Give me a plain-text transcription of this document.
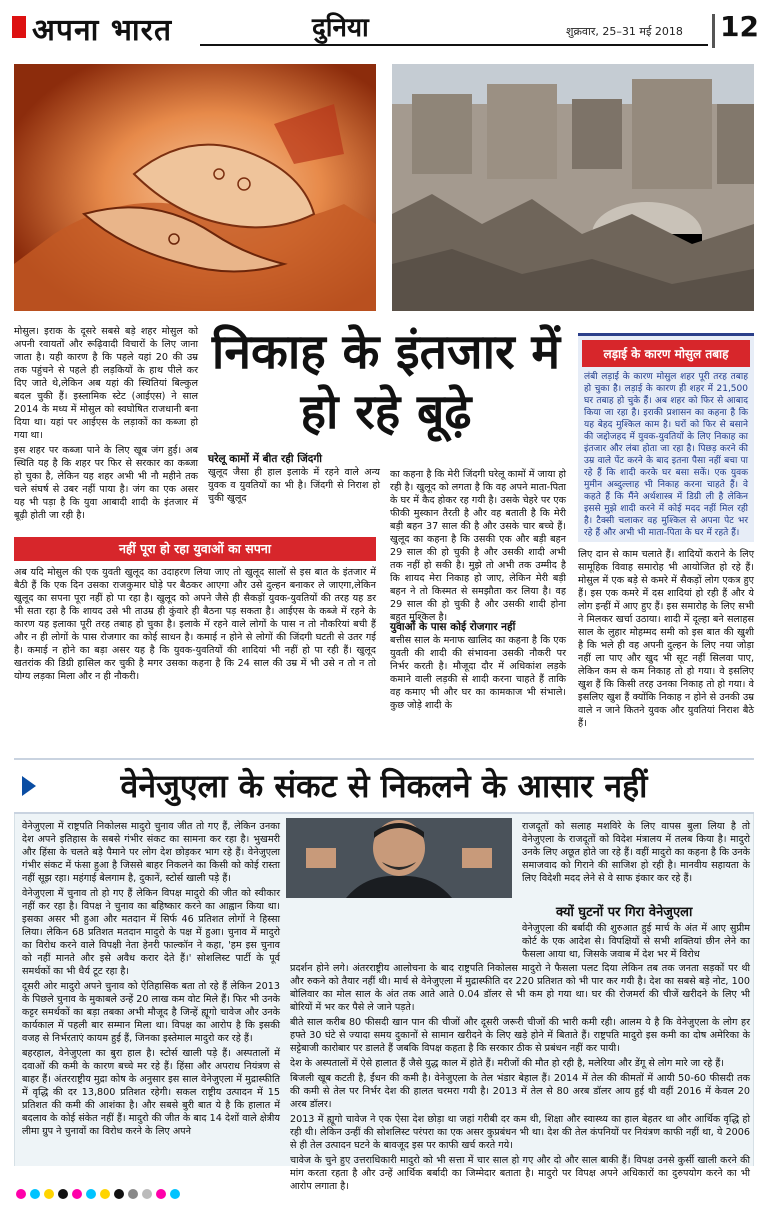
अपना भारत	दुनिया	शुक्रवार, 25–31 मई 2018 12

मोसुल। इराक के दूसरे सबसे बड़े शहर मोसुल को अपनी रवायतों और रूढ़िवादी विचारों के लिए जाना जाता है। यही कारण है कि पहले यहां 20 की उम्र तक पहुंचने से पहले ही लड़कियों के हाथ पीले कर दिए जाते थे,लेकिन अब यहां की स्थितियां बिल्कुल बदल चुकी हैं। इस्लामिक स्टेट (आईएस) ने साल 2014 के मध्य में मोसुल को स्वघोषित राजधानी बना दिया था। यहां पर आईएस के लड़ाकों का कब्जा हो गया था।

इस शहर पर कब्जा पाने के लिए खूब जंग हुई। अब स्थिति यह है कि शहर पर फिर से सरकार का कब्जा हो चुका है, लेकिन यह शहर अभी भी नौ महीने तक चले संघर्ष से उबर नहीं पाया है। जंग का एक असर यह भी पड़ा है कि युवा आबादी शादी के इंतजार में बूढ़ी होती जा रही है।

निकाह के इंतजार में हो रहे बूढ़े
घरेलू कामों में बीत रही जिंदगी

खुलूद जैसा ही हाल इलाके में रहने वाले अन्य युवक व युवतियों का भी है। जिंदगी से निराश हो चुकी खुलूद

का कहना है कि मेरी जिंदगी घरेलू कामों में जाया हो रही है। खुलूद को लगता है कि वह अपने माता-पिता के घर में कैद होकर रह गयी है। उसके चेहरे पर एक फीकी मुस्कान तैरती है और वह बताती है कि मेरी बड़ी बहन 37 साल की है और उसके चार बच्चे हैं। खुलूद का कहना है कि उसकी एक और बड़ी बहन 29 साल की हो चुकी है और उसकी शादी अभी तक नहीं हो सकी है। मुझे तो अभी तक उम्मीद है कि शायद मेरा निकाह हो जाए, लेकिन मेरी बड़ी बहन ने तो किस्मत से समझौता कर लिया है। वह 29 साल की हो चुकी है और उसकी शादी होना बहुत मुश्किल है।

युवाओं के पास कोई रोजगार नहीं

बत्तीस साल के मनाफ खालिद का कहना है कि एक युवती की शादी की संभावना उसकी नौकरी पर निर्भर करती है। मौजूदा दौर में अधिकांश लड़के कमाने वाली लड़की से शादी करना चाहते हैं ताकि वह कमाए भी और घर का कामकाज भी संभाले। कुछ जोड़े शादी के

लिए दान से काम चलाते हैं। शादियों कराने के लिए सामूहिक विवाह समारोह भी आयोजित हो रहे हैं। मोसुल में एक बड़े से कमरे में सैकड़ों लोग एकत्र हुए हैं। इस एक कमरे में दस शादियां हो रही हैं और ये लोग इन्हीं में आए हुए हैं। इस समारोह के लिए सभी ने मिलकर खर्चा उठाया। शादी में दूल्हा बने सलाहस साल के लुहार मोहम्मद समी को इस बात की खुशी है कि भले ही वह अपनी दुल्हन के लिए नया जोड़ा नहीं ला पाए और खुद भी सूट नहीं सिलवा पाए, लेकिन कम से कम निकाह तो हो गया। वे इसलिए खुश हैं कि किसी तरह उनका निकाह तो हो गया। वे इसलिए खुश हैं क्योंकि निकाह न होने से उनकी उम्र वाले न जाने कितने युवक और युवतियां निराश बैठे हैं।

नहीं पूरा हो रहा युवाओं का सपना

अब यदि मोसुल की एक युवती खुलूद का उदाहरण लिया जाए तो खुलूद सालों से इस बात के इंतजार में बैठी हैं कि एक दिन उसका राजकुमार घोड़े पर बैठकर आएगा और उसे दुल्हन बनाकर ले जाएगा,लेकिन खुलूद का सपना पूरा नहीं हो पा रहा है। खुलूद को अपने जैसे ही सैकड़ों युवक-युवतियों की तरह यह डर भी सता रहा है कि शायद उसे भी ताउम्र ही कुंवारे ही बैठना पड़ सकता है। आईएस के कब्जे में रहने के कारण यह इलाका पूरी तरह तबाह हो चुका है। इलाके में रहने वाले लोगों के पास न तो नौकरियां बची हैं और न ही लोगों के पास रोजगार का कोई साधन है। कमाई न होने से लोगों की जिंदगी घटती से उतर गई है। कमाई न होने का बड़ा असर यह है कि युवक-युवतियों की शादियां भी नहीं हो पा रही हैं। खुलूद खतरांक की डिग्री हासिल कर चुकी है मगर उसका कहना है कि 24 साल की उम्र में भी उसे न तो न तो योग्य लड़का मिला और न ही नौकरी।

लड़ाई के कारण मोसुल तबाह
लंबी लड़ाई के कारण मोसुल शहर पूरी तरह तबाह हो चुका है। लड़ाई के कारण ही शहर में 21,500 घर तबाह हो चुके हैं। अब शहर को फिर से आबाद किया जा रहा है। इराकी प्रशासन का कहना है कि यह बेहद मुश्किल काम है। घरों को फिर से बसाने की जद्दोजहद में युवक-युवतियों के लिए निकाह का इंतजार और लंबा होता जा रहा है। पिछड़ करने की उम्र वाले पेंट करने के बाद इतना पैसा नहीं बचा पा रहे हैं कि शादी करके घर बसा सकें। एक युवक मुमीन अब्दुल्लाह भी निकाह करना चाहते हैं। वे कहते हैं कि मैंने अर्थशास्त्र में डिग्री ली है लेकिन इससे मुझे शादी करने में कोई मदद नहीं मिल रही है। टैक्सी चलाकर वह मुश्किल से अपना पेट भर रहे हैं और अभी भी माता-पिता के घर में रहते हैं।
वेनेजुएला के संकट से निकलने के आसार नहीं

वेनेजुएला में राष्ट्रपति निकोलस मादुरो चुनाव जीत तो गए हैं, लेकिन उनका देश अपने इतिहास के सबसे गंभीर संकट का सामना कर रहा है। भुखमरी और हिंसा के चलते बड़े पैमाने पर लोग देश छोड़कर भाग रहे हैं। वेनेजुएला गंभीर संकट में फंसा हुआ है जिससे बाहर निकलने का किसी को कोई रास्ता नहीं सूझ रहा। महंगाई बेलगाम है, दुकानें, स्टोर्स खाली पड़े हैं।

वेनेजुएला में चुनाव तो हो गए हैं लेकिन विपक्ष मादुरो की जीत को स्वीकार नहीं कर रहा है। विपक्ष ने चुनाव का बहिष्कार करने का आह्वान किया था। इसका असर भी हुआ और मतदान में सिर्फ 46 प्रतिशत लोगों ने हिस्सा लिया। लेकिन 68 प्रतिशत मतदान मादुरो के पक्ष में हुआ। चुनाव में मादुरो का विरोध करने वाले विपक्षी नेता हेनरी फाल्कॉन ने कहा, 'हम इस चुनाव को नहीं मानते और इसे अवैध करार देते हैं।' सोशलिस्ट पार्टी के पूर्व समर्थकों का भी धैर्य टूट रहा है।

दूसरी ओर मादुरो अपने चुनाव को ऐतिहासिक बता तो रहे हैं लेकिन 2013 के पिछले चुनाव के मुकाबले उन्हें 20 लाख कम वोट मिले हैं। फिर भी उनके कट्टर समर्थकों का बड़ा तबका अभी मौजूद है जिन्हें ह्यूगो चावेज और उनके कार्यकाल में पहली बार सम्मान मिला था। विपक्ष का आरोप है कि इसकी वजह से निर्भरताएं कायम हुई हैं, जिनका इस्तेमाल मादुरो कर रहे हैं।

बहरहाल, वेनेजुएला का बुरा हाल है। स्टोर्स खाली पड़े हैं। अस्पतालों में दवाओं की कमी के कारण बच्चे मर रहे हैं। हिंसा और अपराध नियंत्रण से बाहर हैं। अंतरराष्ट्रीय मुद्रा कोष के अनुसार इस साल वेनेजुएला में मुद्रास्फीति में वृद्धि की दर 13,800 प्रतिशत रहेगी। सकल राष्ट्रीय उत्पादन में 15 प्रतिशत की कमी की आशंका है। और सबसे बुरी बात ये है कि हालात में बदलाव के कोई संकेत नहीं हैं। मादुरो की जीत के बाद 14 देशों वाले क्षेत्रीय लीमा ग्रुप ने चुनावों का विरोध करने के लिए अपने

राजदूतों को सलाह मशविरे के लिए वापस बुला लिया है तो वेनेजुएला के राजदूतों को विदेश मंत्रालय में तलब किया है। मादुरो उनके लिए अछूत होते जा रहे हैं। वहीं मादुरो का कहना है कि उनके समाजवाद को गिराने की साजिश हो रही है। मानवीय सहायता के लिए विदेशी मदद लेने से वे साफ इंकार कर रहे हैं।

क्यों घुटनों पर गिरा वेनेजुएला

वेनेजुएला की बर्बादी की शुरुआत हुई मार्च के अंत में आए सुप्रीम कोर्ट के एक आदेश से। विपक्षियों से सभी शक्तियां छीन लेने का फैसला आया था, जिसके जवाब में देश भर में विरोध

प्रदर्शन होने लगे। अंतरराष्ट्रीय आलोचना के बाद राष्ट्रपति निकोलस मादुरो ने फैसला पलट दिया लेकिन तब तक जनता सड़कों पर थी और रुकने को तैयार नहीं थी। मार्च से वेनेजुएला में मुद्रास्फीति दर 220 प्रतिशत को भी पार कर गयी है। देश का सबसे बड़े नोट, 100 बोलिवार का मोल साल के अंत तक आते आते 0.04 डॉलर से भी कम हो गया था। घर की रोजमर्रा की चीजें खरीदने के लिए भी बोरियों में भर कर पैसे ले जाने पड़ते।

बीते साल करीब 80 फीसदी खान पान की चीजों और दूसरी जरूरी चीजों की भारी कमी रही। आलम ये है कि वेनेजुएला के लोग हर हफ्ते 30 घंटे से ज्यादा समय दुकानों से सामान खरीदने के लिए खड़े होने में बिताते हैं। राष्ट्रपति मादुरो इस कमी का दोष अमेरिका के सट्टेबाजी कारोबार पर डालते हैं जबकि विपक्ष कहता है कि सरकार ठीक से प्रबंधन नहीं कर पायी।

देश के अस्पतालों में ऐसे हालात हैं जैसे युद्ध काल में होते हैं। मरीजों की मौत हो रही है, मलेरिया और डेंगू से लोग मारे जा रहे हैं।

बिजली खूब कटती है, ईंधन की कमी है। वेनेजुएला के तेल भंडार बेहाल हैं। 2014 में तेल की कीमतों में आयी 50-60 फीसदी तक की कमी से तेल पर निर्भर देश की हालत चरमरा गयी है। 2013 में तेल से 80 अरब डॉलर आय हुई थी वहीं 2016 में केवल 20 अरब डॉलर।

2013 में ह्यूगो चावेज ने एक ऐसा देश छोड़ा था जहां गरीबी दर कम थी, शिक्षा और स्वास्थ्य का हाल बेहतर था और आर्थिक वृद्धि हो रही थी। लेकिन उन्हीं की सोशलिस्ट परंपरा का एक असर कुप्रबंधन भी था। देश की तेल कंपनियों पर नियंत्रण काफी नहीं था, ये 2006 से ही तेल उत्पादन घटने के बावजूद इस पर काफी खर्च करते गये।

चावेज के चुने हुए उत्तराधिकारी मादुरो को भी सत्ता में चार साल हो गए और दो और साल बाकी हैं। विपक्ष उनसे कुर्सी खाली करने की मांग करता रहता है और उन्हें आर्थिक बर्बादी का जिम्मेदार बताता है। मादुरो पर विपक्ष अपने अधिकारों का दुरुपयोग करने का भी आरोप लगाता है।
